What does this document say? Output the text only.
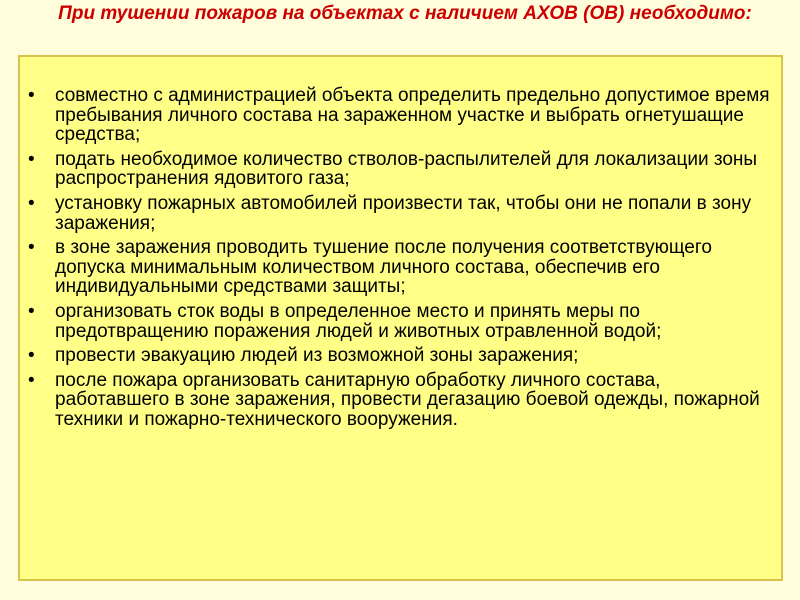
При тушении пожаров на объектах с наличием АХОВ (ОВ) необходимо:
•	совместно с администрацией объекта определить предельно допустимое время пребывания личного состава на зараженном участке и выбрать огнетушащие средства;
•	подать необходимое количество стволов-распылителей для локализации зоны распространения ядовитого газа;
•	установку пожарных автомобилей произвести так, чтобы они не попали в зону заражения;
•	в зоне заражения проводить тушение после получения соответствующего допуска минимальным количеством личного состава, обеспечив его индивидуальными средствами защиты;
•	организовать сток воды в определенное место и принять меры по предотвращению поражения людей и животных отравленной водой;
•	провести эвакуацию людей из возможной зоны заражения;
•	после пожара организовать санитарную обработку личного состава, работавшего в зоне заражения, провести дегазацию боевой одежды, пожарной техники и пожарно-технического вооружения.
